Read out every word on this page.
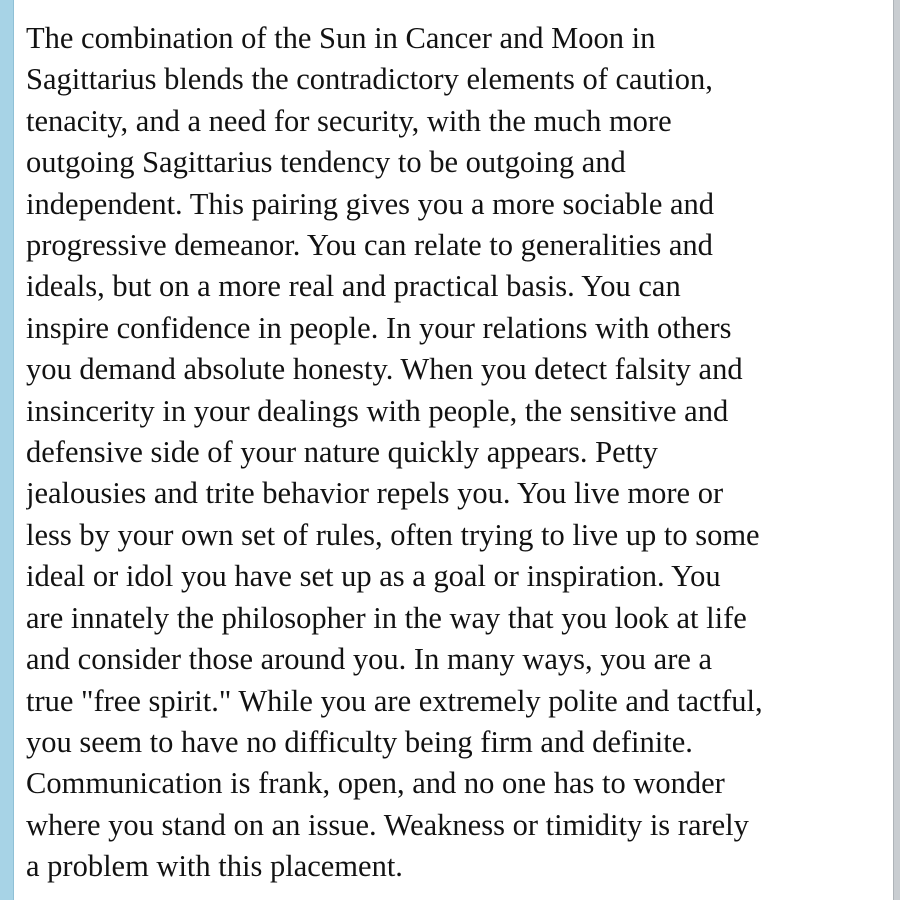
The combination of the Sun in Cancer and Moon in
Sagittarius blends the contradictory elements of caution,
tenacity, and a need for security, with the much more
outgoing Sagittarius tendency to be outgoing and
independent. This pairing gives you a more sociable and
progressive demeanor. You can relate to generalities and
ideals, but on a more real and practical basis. You can
inspire confidence in people. In your relations with others
you demand absolute honesty. When you detect falsity and
insincerity in your dealings with people, the sensitive and
defensive side of your nature quickly appears. Petty
jealousies and trite behavior repels you. You live more or
less by your own set of rules, often trying to live up to some
ideal or idol you have set up as a goal or inspiration. You
are innately the philosopher in the way that you look at life
and consider those around you. In many ways, you are a
true "free spirit." While you are extremely polite and tactful,
you seem to have no difficulty being firm and definite.
Communication is frank, open, and no one has to wonder
where you stand on an issue. Weakness or timidity is rarely
a problem with this placement.
